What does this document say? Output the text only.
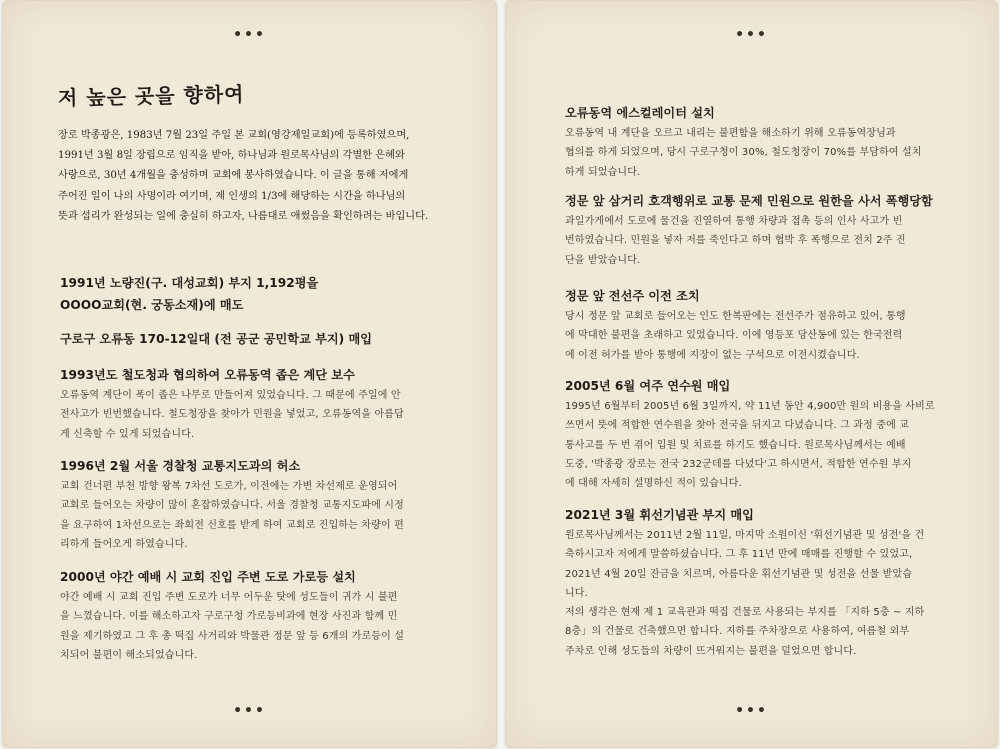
•••
저 높은 곳을 향하여
장로 박종광은, 1983년 7월 23일 주일 본 교회(영강제일교회)에 등록하였으며,
1991년 3월 8일 장립으로 임직을 받아, 하나님과 원로목사님의 각별한 은혜와
사랑으로, 30년 4개월을 충성하며 교회에 봉사하였습니다. 이 글을 통해 저에게
주어진 일이 나의 사명이라 여기며, 제 인생의 1/3에 해당하는 시간을 하나님의
뜻과 섭리가 완성되는 일에 충실히 하고자, 나름대로 애썼음을 확인하려는 바입니다.
1991년 노량진(구. 대성교회) 부지 1,192평을
OOOO교회(현. 궁동소재)에 매도
구로구 오류동 170-12일대 (전 공군 공민학교 부지) 매입
1993년도 철도청과 협의하여 오류동역 좁은 계단 보수
오류동역 계단이 폭이 좁은 나무로 만들어져 있었습니다. 그 때문에 주일에 안
전사고가 빈번했습니다. 철도청장을 찾아가 민원을 넣었고, 오류동역을 아름답
게 신축할 수 있게 되었습니다.
1996년 2월 서울 경찰청 교통지도과의 허소
교회 건너편 부천 방향 왕복 7차선 도로가, 이전에는 가변 차선제로 운영되어
교회로 들어오는 차량이 많이 혼잡하였습니다. 서울 경찰청 교통지도파에 시정
을 요구하여 1차선으로는 좌회전 신호를 받게 하여 교회로 진입하는 차량이 편
리하게 들어오게 하였습니다.
2000년 야간 예배 시 교회 진입 주변 도로 가로등 설치
야간 예배 시 교회 진입 주변 도로가 너무 어두운 탓에 성도들이 귀가 시 불편
을 느꼈습니다. 이를 해소하고자 구로구청 가로등비과에 현장 사진과 함께 민
원을 제기하였고 그 후 총 떡집 사거리와 박물관 정문 앞 등 6개의 가로등이 설
치되어 불편이 해소되었습니다.
•••
•••
오류동역 에스컬레이터 설치
오류동역 내 계단을 오르고 내리는 불편함을 해소하기 위해 오류동역장님과
협의를 하게 되었으며, 당시 구로구청이 30%, 철도청장이 70%를 부담하여 설치
하게 되었습니다.
정문 앞 삼거리 호객행위로 교통 문제 민원으로 원한을 사서 폭행당함
과일가게에서 도로에 물건을 진열하여 통행 차량과 접촉 등의 인사 사고가 빈
번하였습니다. 민원을 넣자 저를 죽인다고 하며 협박 후 폭행으로 전치 2주 진
단을 받았습니다.
정문 앞 전선주 이전 조치
당시 정문 앞 교회로 들어오는 인도 한복판에는 전선주가 점유하고 있어, 통행
에 막대한 불편을 초래하고 있었습니다. 이에 영등포 당산동에 있는 한국전력
에 이전 허가를 받아 통행에 지장이 없는 구석으로 이전시켰습니다.
2005년 6월 여주 연수원 매입
1995년 6월부터 2005년 6월 3일까지, 약 11년 동안 4,900만 원의 비용을 사비로
쓰면서 뜻에 적합한 연수원을 찾아 전국을 뒤지고 다녔습니다. 그 과정 중에 교
통사고를 두 번 겪어 입원 및 치료를 하기도 했습니다. 원로목사님께서는 예배
도중, '박종광 장로는 전국 232군데를 다녔다'고 하시면서, 적합한 연수원 부지
에 대해 자세히 설명하신 적이 있습니다.
2021년 3월 휘선기념관 부지 매입
원로목사님께서는 2011년 2월 11일, 마지막 소원이신 '휘선기념관 및 성전'을 건
축하시고자 저에게 말씀하셨습니다. 그 후 11년 만에 매매를 진행할 수 있었고,
2021년 4월 20일 잔금을 치르며, 아름다운 휘선기념관 및 성전을 선물 받았습
니다.
저의 생각은 현재 제 1 교육관과 떡집 건물로 사용되는 부지를 「지하 5층 ~ 지하
8층」의 건물로 건축했으면 합니다. 지하를 주차장으로 사용하여, 여름철 외부
주차로 인해 성도들의 차량이 뜨거워지는 불편을 덜었으면 합니다.
•••
